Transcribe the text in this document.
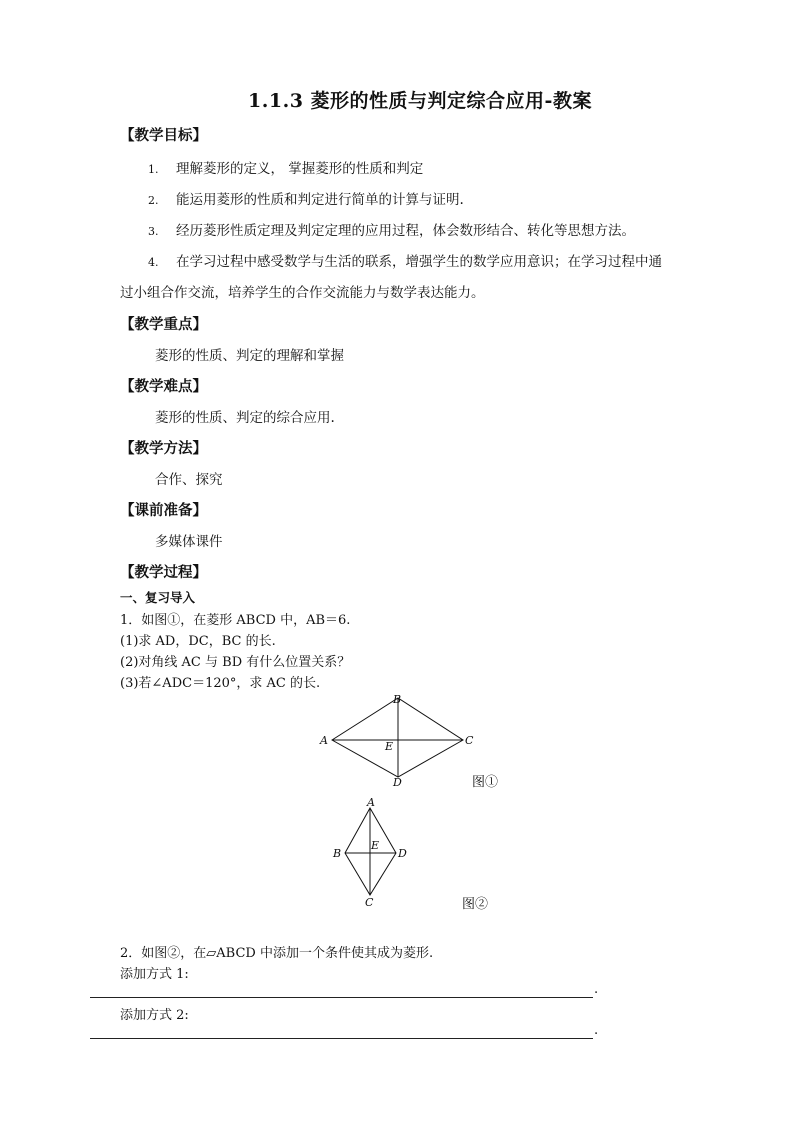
1.1.3 菱形的性质与判定综合应用-教案
【教学目标】
1. 理解菱形的定义， 掌握菱形的性质和判定
2. 能运用菱形的性质和判定进行简单的计算与证明.
3. 经历菱形性质定理及判定定理的应用过程，体会数形结合、转化等思想方法。
4. 在学习过程中感受数学与生活的联系，增强学生的数学应用意识；在学习过程中通
过小组合作交流，培养学生的合作交流能力与数学表达能力。
【教学重点】
菱形的性质、判定的理解和掌握
【教学难点】
菱形的性质、判定的综合应用.
【教学方法】
合作、探究
【课前准备】
多媒体课件
【教学过程】
一、复习导入
1．如图①，在菱形 ABCD 中，AB＝6.
(1)求 AD，DC，BC 的长.
(2)对角线 AC 与 BD 有什么位置关系？
(3)若∠ADC＝120°，求 AC 的长.
B
A	C
E
D	图①
A
B	D
E
C	图②
2．如图②，在▱ABCD 中添加一个条件使其成为菱形.
添加方式 1:
.
添加方式 2:
.
